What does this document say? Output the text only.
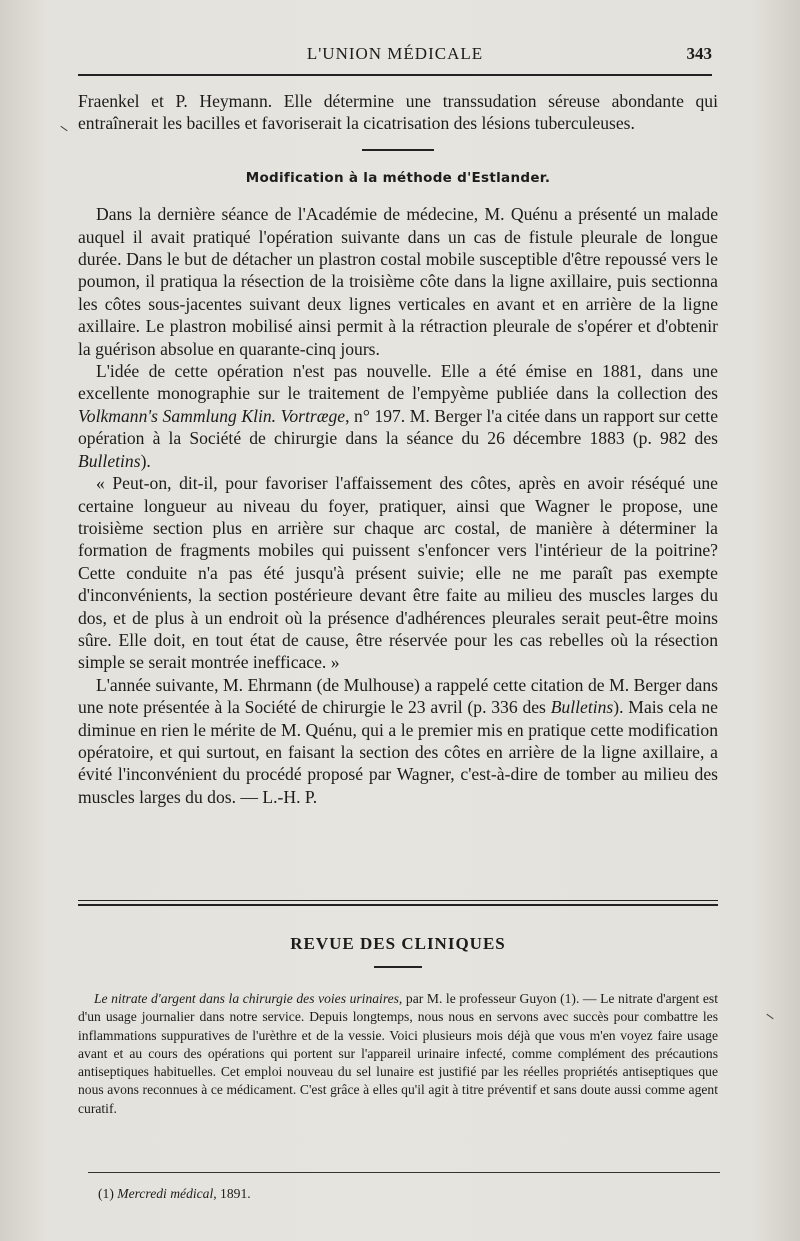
L'UNION MÉDICALE	343

Fraenkel et P. Heymann. Elle détermine une transsudation séreuse abondante qui entraînerait les bacilles et favoriserait la cicatrisation des lésions tuberculeuses.

Modification à la méthode d'Estlander.

Dans la dernière séance de l'Académie de médecine, M. Quénu a présenté un malade auquel il avait pratiqué l'opération suivante dans un cas de fistule pleurale de longue durée. Dans le but de détacher un plastron costal mobile susceptible d'être repoussé vers le poumon, il pratiqua la résection de la troisième côte dans la ligne axillaire, puis sectionna les côtes sous-jacentes suivant deux lignes verticales en avant et en arrière de la ligne axillaire. Le plastron mobilisé ainsi permit à la rétraction pleurale de s'opérer et d'obtenir la guérison absolue en quarante-cinq jours.

L'idée de cette opération n'est pas nouvelle. Elle a été émise en 1881, dans une excellente monographie sur le traitement de l'empyème publiée dans la collection des Volkmann's Sammlung Klin. Vortræge, n° 197. M. Berger l'a citée dans un rapport sur cette opération à la Société de chirurgie dans la séance du 26 décembre 1883 (p. 982 des Bulletins).

« Peut-on, dit-il, pour favoriser l'affaissement des côtes, après en avoir réséqué une certaine longueur au niveau du foyer, pratiquer, ainsi que Wagner le propose, une troisième section plus en arrière sur chaque arc costal, de manière à déterminer la formation de fragments mobiles qui puissent s'enfoncer vers l'intérieur de la poitrine? Cette conduite n'a pas été jusqu'à présent suivie; elle ne me paraît pas exempte d'inconvénients, la section postérieure devant être faite au milieu des muscles larges du dos, et de plus à un endroit où la présence d'adhérences pleurales serait peut-être moins sûre. Elle doit, en tout état de cause, être réservée pour les cas rebelles où la résection simple se serait montrée inefficace. »

L'année suivante, M. Ehrmann (de Mulhouse) a rappelé cette citation de M. Berger dans une note présentée à la Société de chirurgie le 23 avril (p. 336 des Bulletins). Mais cela ne diminue en rien le mérite de M. Quénu, qui a le premier mis en pratique cette modification opératoire, et qui surtout, en faisant la section des côtes en arrière de la ligne axillaire, a évité l'inconvénient du procédé proposé par Wagner, c'est-à-dire de tomber au milieu des muscles larges du dos. — L.-H. P.

REVUE DES CLINIQUES

Le nitrate d'argent dans la chirurgie des voies urinaires, par M. le professeur Guyon (1). — Le nitrate d'argent est d'un usage journalier dans notre service. Depuis longtemps, nous nous en servons avec succès pour combattre les inflammations suppuratives de l'urèthre et de la vessie. Voici plusieurs mois déjà que vous m'en voyez faire usage avant et au cours des opérations qui portent sur l'appareil urinaire infecté, comme complément des précautions antiseptiques habituelles. Cet emploi nouveau du sel lunaire est justifié par les réelles propriétés antiseptiques que nous avons reconnues à ce médicament. C'est grâce à elles qu'il agit à titre préventif et sans doute aussi comme agent curatif.

(1) Mercredi médical, 1891.
